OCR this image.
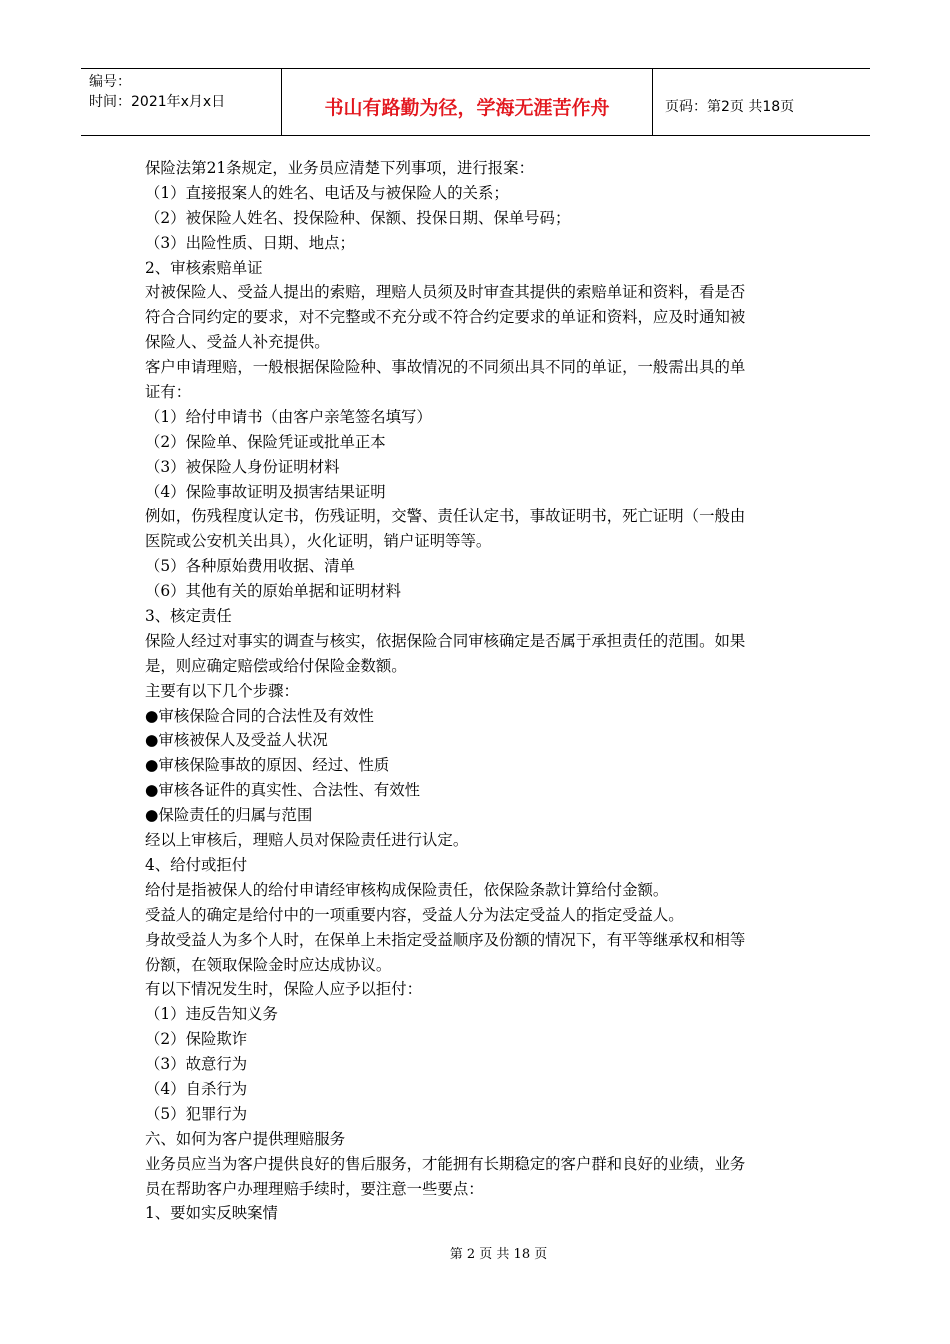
编号：
时间：2021年x月x日	书山有路勤为径，学海无涯苦作舟	页码：第2页 共18页
保险法第21条规定，业务员应清楚下列事项，进行报案：
（1）直接报案人的姓名、电话及与被保险人的关系；
（2）被保险人姓名、投保险种、保额、投保日期、保单号码；
（3）出险性质、日期、地点；
2、审核索赔单证
对被保险人、受益人提出的索赔，理赔人员须及时审查其提供的索赔单证和资料，看是否
符合合同约定的要求，对不完整或不充分或不符合约定要求的单证和资料，应及时通知被
保险人、受益人补充提供。
客户申请理赔，一般根据保险险种、事故情况的不同须出具不同的单证，一般需出具的单
证有：
（1）给付申请书（由客户亲笔签名填写）
（2）保险单、保险凭证或批单正本
（3）被保险人身份证明材料
（4）保险事故证明及损害结果证明
例如，伤残程度认定书，伤残证明，交警、责任认定书，事故证明书，死亡证明（一般由
医院或公安机关出具），火化证明，销户证明等等。
（5）各种原始费用收据、清单
（6）其他有关的原始单据和证明材料
3、核定责任
保险人经过对事实的调查与核实，依据保险合同审核确定是否属于承担责任的范围。如果
是，则应确定赔偿或给付保险金数额。
主要有以下几个步骤：
●审核保险合同的合法性及有效性
●审核被保人及受益人状况
●审核保险事故的原因、经过、性质
●审核各证件的真实性、合法性、有效性
●保险责任的归属与范围
经以上审核后，理赔人员对保险责任进行认定。
4、给付或拒付
给付是指被保人的给付申请经审核构成保险责任，依保险条款计算给付金额。
受益人的确定是给付中的一项重要内容，受益人分为法定受益人的指定受益人。
身故受益人为多个人时，在保单上未指定受益顺序及份额的情况下，有平等继承权和相等
份额，在领取保险金时应达成协议。
有以下情况发生时，保险人应予以拒付：
（1）违反告知义务
（2）保险欺诈
（3）故意行为
（4）自杀行为
（5）犯罪行为
六、如何为客户提供理赔服务
业务员应当为客户提供良好的售后服务，才能拥有长期稳定的客户群和良好的业绩，业务
员在帮助客户办理理赔手续时，要注意一些要点：
1、要如实反映案情
第 2 页 共 18 页
